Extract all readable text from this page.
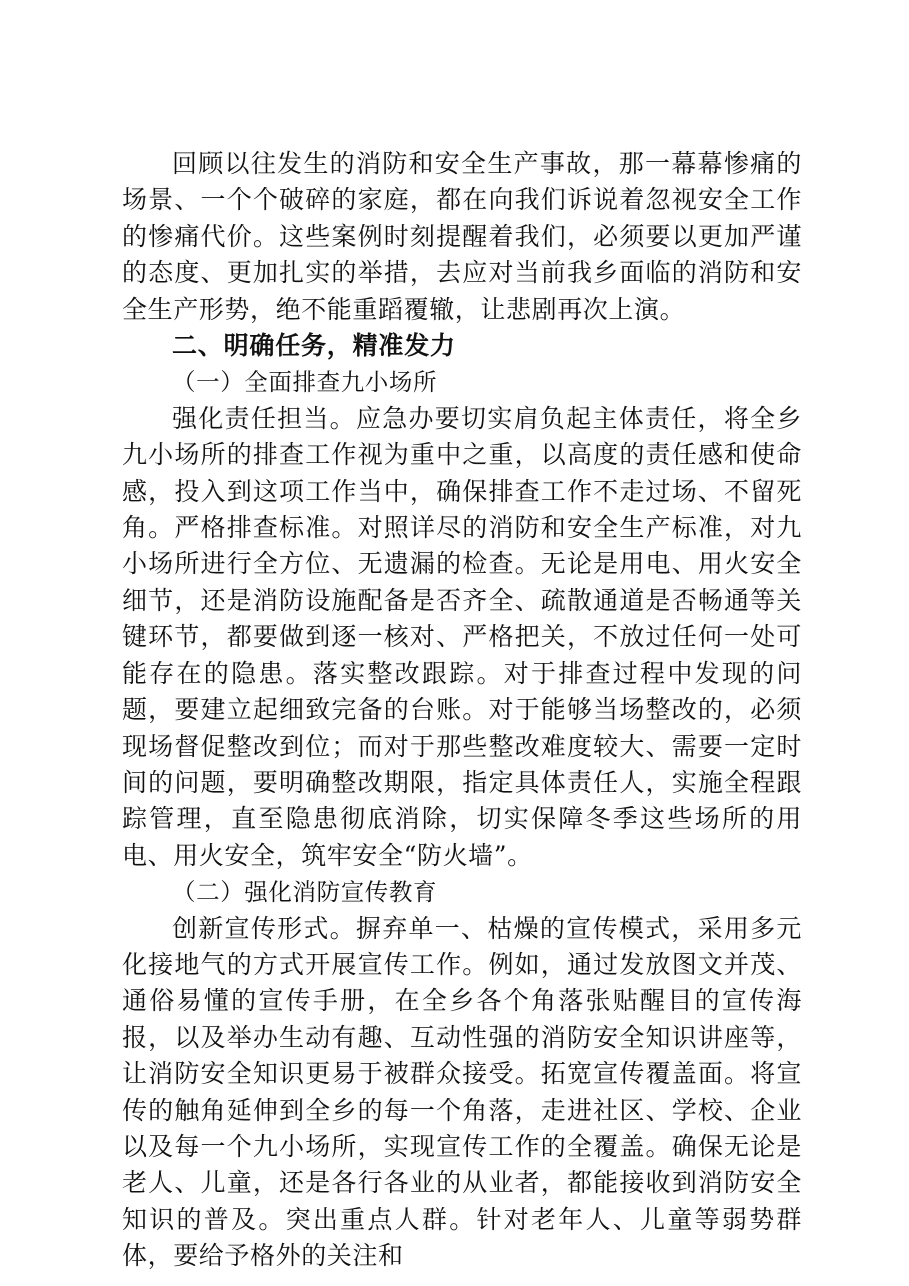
回顾以往发生的消防和安全生产事故，那一幕幕惨痛的场景、一个个破碎的家庭，都在向我们诉说着忽视安全工作的惨痛代价。这些案例时刻提醒着我们，必须要以更加严谨的态度、更加扎实的举措，去应对当前我乡面临的消防和安全生产形势，绝不能重蹈覆辙，让悲剧再次上演。

二、明确任务，精准发力

（一）全面排查九小场所

强化责任担当。应急办要切实肩负起主体责任，将全乡九小场所的排查工作视为重中之重，以高度的责任感和使命感，投入到这项工作当中，确保排查工作不走过场、不留死角。严格排查标准。对照详尽的消防和安全生产标准，对九小场所进行全方位、无遗漏的检查。无论是用电、用火安全细节，还是消防设施配备是否齐全、疏散通道是否畅通等关键环节，都要做到逐一核对、严格把关，不放过任何一处可能存在的隐患。落实整改跟踪。对于排查过程中发现的问题，要建立起细致完备的台账。对于能够当场整改的，必须现场督促整改到位；而对于那些整改难度较大、需要一定时间的问题，要明确整改期限，指定具体责任人，实施全程跟踪管理，直至隐患彻底消除，切实保障冬季这些场所的用电、用火安全，筑牢安全“防火墙”。

（二）强化消防宣传教育

创新宣传形式。摒弃单一、枯燥的宣传模式，采用多元化接地气的方式开展宣传工作。例如，通过发放图文并茂、通俗易懂的宣传手册，在全乡各个角落张贴醒目的宣传海报，以及举办生动有趣、互动性强的消防安全知识讲座等，让消防安全知识更易于被群众接受。拓宽宣传覆盖面。将宣传的触角延伸到全乡的每一个角落，走进社区、学校、企业以及每一个九小场所，实现宣传工作的全覆盖。确保无论是老人、儿童，还是各行各业的从业者，都能接收到消防安全知识的普及。突出重点人群。针对老年人、儿童等弱势群体，要给予格外的关注和
